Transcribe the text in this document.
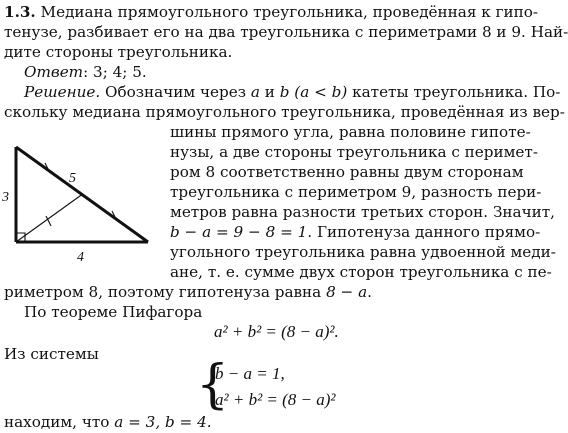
1.3. Медиана прямоугольного треугольника, проведённая к гипо-
тенузе, разбивает его на два треугольника с периметрами 8 и 9. Най-
дите стороны треугольника.
Ответ: 3; 4; 5.
Решение. Обозначим через a и b (a < b) катеты треугольника. По-
скольку медиана прямоугольного треугольника, проведённая из вер-
шины прямого угла, равна половине гипоте-
нузы, а две стороны треугольника с перимет-
ром 8 соответственно равны двум сторонам
треугольника с периметром 9, разность пери-
метров равна разности третьих сторон. Значит,
b − a = 9 − 8 = 1. Гипотенуза данного прямо-
угольного треугольника равна удвоенной меди-
ане, т. е. сумме двух сторон треугольника с пе-
риметром 8, поэтому гипотенуза равна 8 − a.
По теореме Пифагора
a² + b² = (8 − a)².
Из системы
{
b − a = 1,
a² + b² = (8 − a)²
находим, что a = 3, b = 4.
3
5
4
